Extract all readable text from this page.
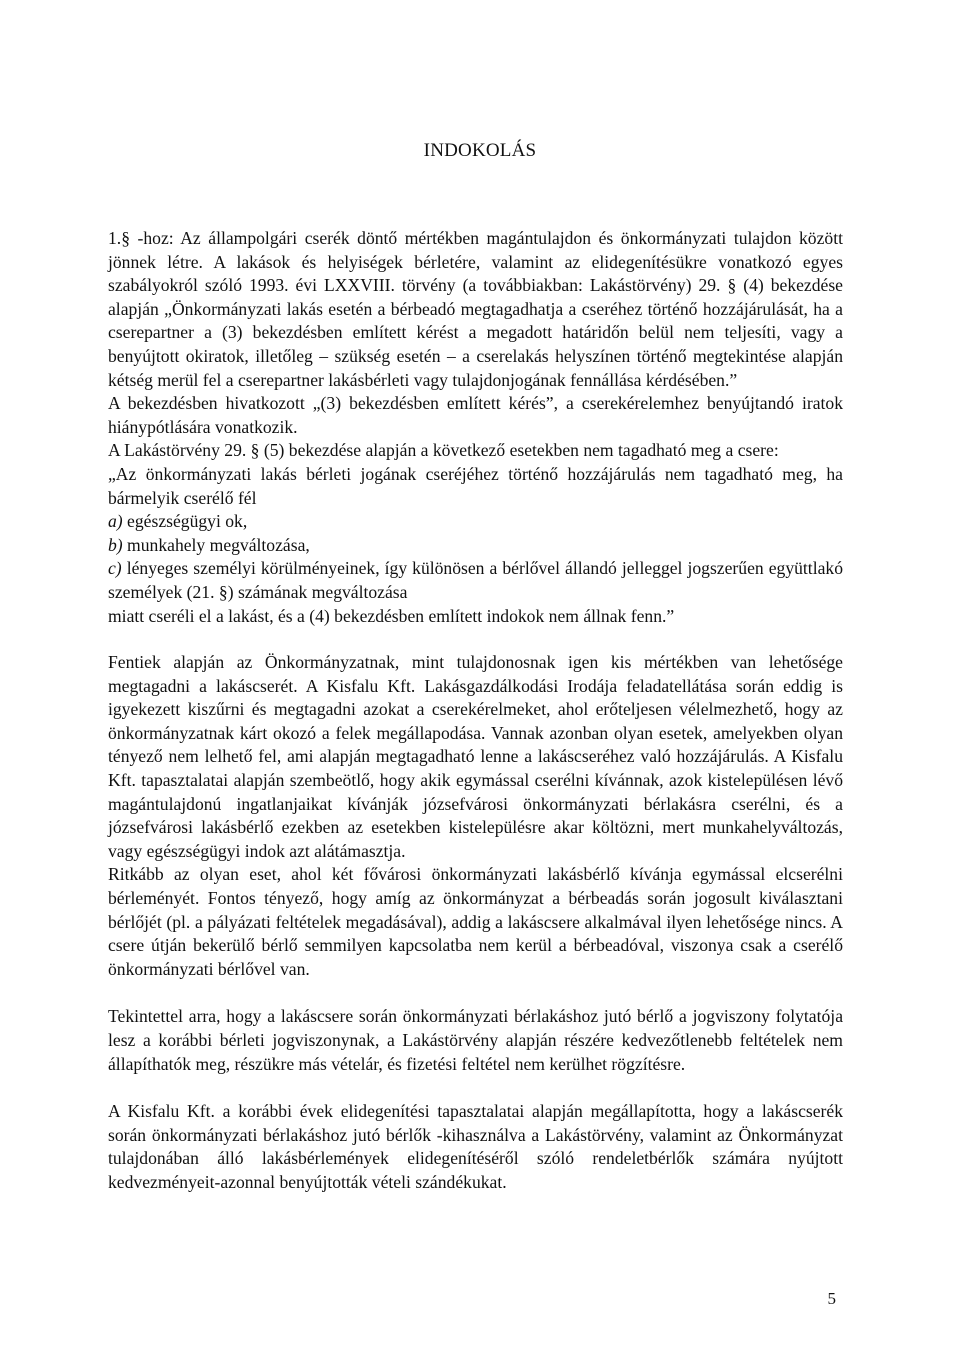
INDOKOLÁS

1.§ -hoz: Az állampolgári cserék döntő mértékben magántulajdon és önkormányzati tulajdon között jönnek létre. A lakások és helyiségek bérletére, valamint az elidegenítésükre vonatkozó egyes szabályokról szóló 1993. évi LXXVIII. törvény (a továbbiakban: Lakástörvény) 29. § (4) bekezdése alapján „Önkormányzati lakás esetén a bérbeadó megtagadhatja a cseréhez történő hozzájárulását, ha a cserepartner a (3) bekezdésben említett kérést a megadott határidőn belül nem teljesíti, vagy a benyújtott okiratok, illetőleg – szükség esetén – a cserelakás helyszínen történő megtekintése alapján kétség merül fel a cserepartner lakásbérleti vagy tulajdonjogának fennállása kérdésében.”

A bekezdésben hivatkozott „(3) bekezdésben említett kérés”, a cserekérelemhez benyújtandó iratok hiánypótlására vonatkozik.

A Lakástörvény 29. § (5) bekezdése alapján a következő esetekben nem tagadható meg a csere:

„Az önkormányzati lakás bérleti jogának cseréjéhez történő hozzájárulás nem tagadható meg, ha bármelyik cserélő fél

a) egészségügyi ok,

b) munkahely megváltozása,

c) lényeges személyi körülményeinek, így különösen a bérlővel állandó jelleggel jogszerűen együttlakó személyek (21. §) számának megváltozása

miatt cseréli el a lakást, és a (4) bekezdésben említett indokok nem állnak fenn.”

Fentiek alapján az Önkormányzatnak, mint tulajdonosnak igen kis mértékben van lehetősége megtagadni a lakáscserét. A Kisfalu Kft. Lakásgazdálkodási Irodája feladatellátása során eddig is igyekezett kiszűrni és megtagadni azokat a cserekérelmeket, ahol erőteljesen vélelmezhető, hogy az önkormányzatnak kárt okozó a felek megállapodása. Vannak azonban olyan esetek, amelyekben olyan tényező nem lelhető fel, ami alapján megtagadható lenne a lakáscseréhez való hozzájárulás. A Kisfalu Kft. tapasztalatai alapján szembeötlő, hogy akik egymással cserélni kívánnak, azok kistelepülésen lévő magántulajdonú ingatlanjaikat kívánják józsefvárosi önkormányzati bérlakásra cserélni, és a józsefvárosi lakásbérlő ezekben az esetekben kistelepülésre akar költözni, mert munkahelyváltozás, vagy egészségügyi indok azt alátámasztja.

Ritkább az olyan eset, ahol két fővárosi önkormányzati lakásbérlő kívánja egymással elcserélni bérleményét. Fontos tényező, hogy amíg az önkormányzat a bérbeadás során jogosult kiválasztani bérlőjét (pl. a pályázati feltételek megadásával), addig a lakáscsere alkalmával ilyen lehetősége nincs. A csere útján bekerülő bérlő semmilyen kapcsolatba nem kerül a bérbeadóval, viszonya csak a cserélő önkormányzati bérlővel van.

Tekintettel arra, hogy a lakáscsere során önkormányzati bérlakáshoz jutó bérlő a jogviszony folytatója lesz a korábbi bérleti jogviszonynak, a Lakástörvény alapján részére kedvezőtlenebb feltételek nem állapíthatók meg, részükre más vételár, és fizetési feltétel nem kerülhet rögzítésre.

A Kisfalu Kft. a korábbi évek elidegenítési tapasztalatai alapján megállapította, hogy a lakáscserék során önkormányzati bérlakáshoz jutó bérlők -kihasználva a Lakástörvény, valamint az Önkormányzat tulajdonában álló lakásbérlemények elidegenítéséről szóló rendeletbérlők számára nyújtott kedvezményeit-azonnal benyújtották vételi szándékukat.

5
